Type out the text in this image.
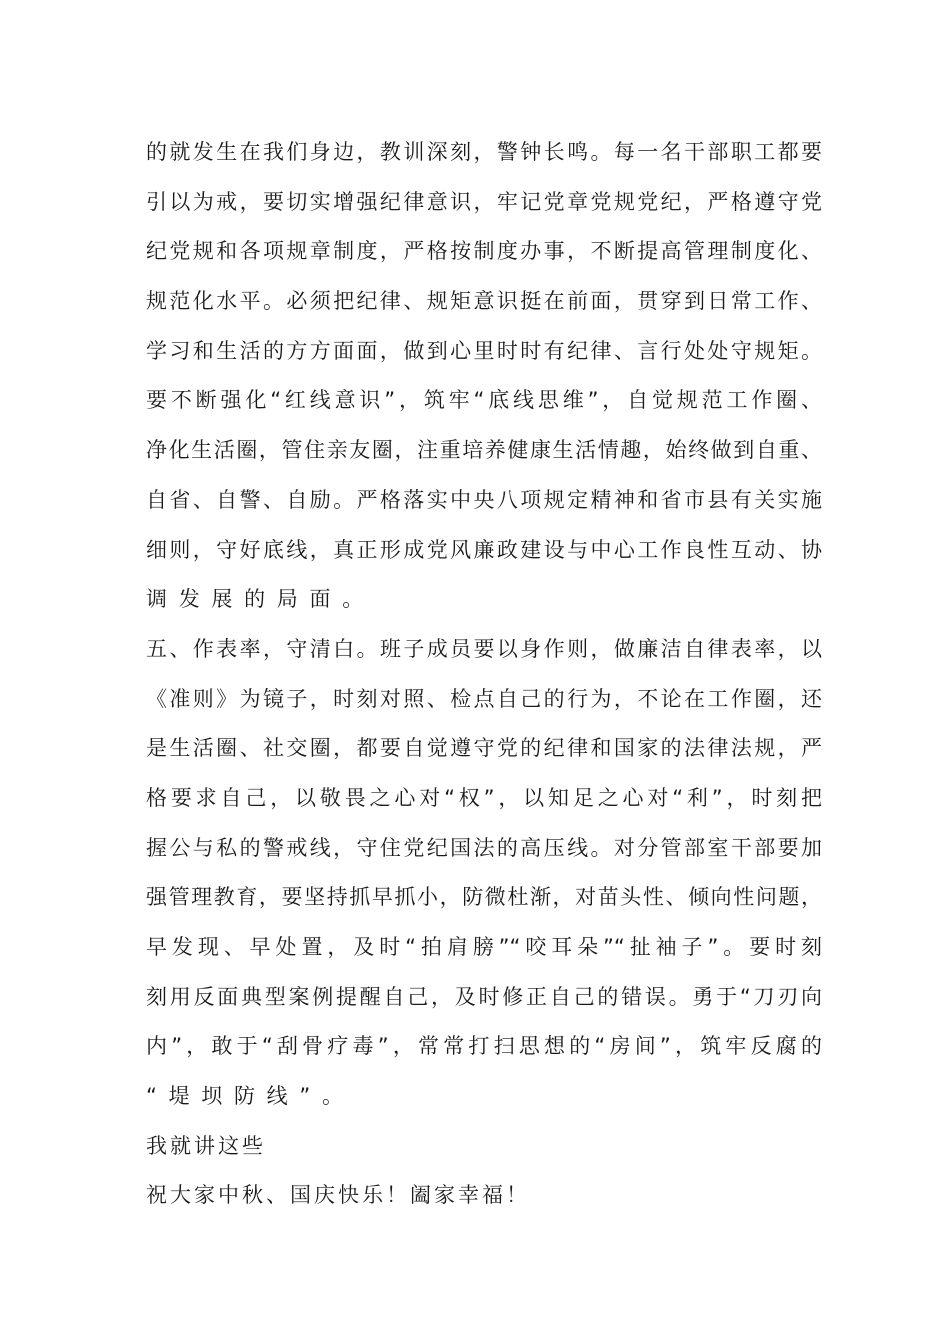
的就发生在我们身边，教训深刻，警钟长鸣。每一名干部职工都要
引以为戒，要切实增强纪律意识，牢记党章党规党纪，严格遵守党
纪党规和各项规章制度，严格按制度办事，不断提高管理制度化、
规范化水平。必须把纪律、规矩意识挺在前面，贯穿到日常工作、
学习和生活的方方面面，做到心里时时有纪律、言行处处守规矩。
要不断强化“红线意识”，筑牢“底线思维”，自觉规范工作圈、
净化生活圈，管住亲友圈，注重培养健康生活情趣，始终做到自重、
自省、自警、自励。严格落实中央八项规定精神和省市县有关实施
细则，守好底线，真正形成党风廉政建设与中心工作良性互动、协
调发展的局面。
五、作表率，守清白。班子成员要以身作则，做廉洁自律表率，以
《准则》为镜子，时刻对照、检点自己的行为，不论在工作圈，还
是生活圈、社交圈，都要自觉遵守党的纪律和国家的法律法规，严
格要求自己，以敬畏之心对“权”，以知足之心对“利”，时刻把
握公与私的警戒线，守住党纪国法的高压线。对分管部室干部要加
强管理教育，要坚持抓早抓小，防微杜渐，对苗头性、倾向性问题，
早发现、早处置，及时“拍肩膀”“咬耳朵”“扯袖子”。要时刻
刻用反面典型案例提醒自己，及时修正自己的错误。勇于“刀刃向
内”，敢于“刮骨疗毒”，常常打扫思想的“房间”，筑牢反腐的
“堤坝防线”。
我就讲这些
祝大家中秋、国庆快乐！阖家幸福！
